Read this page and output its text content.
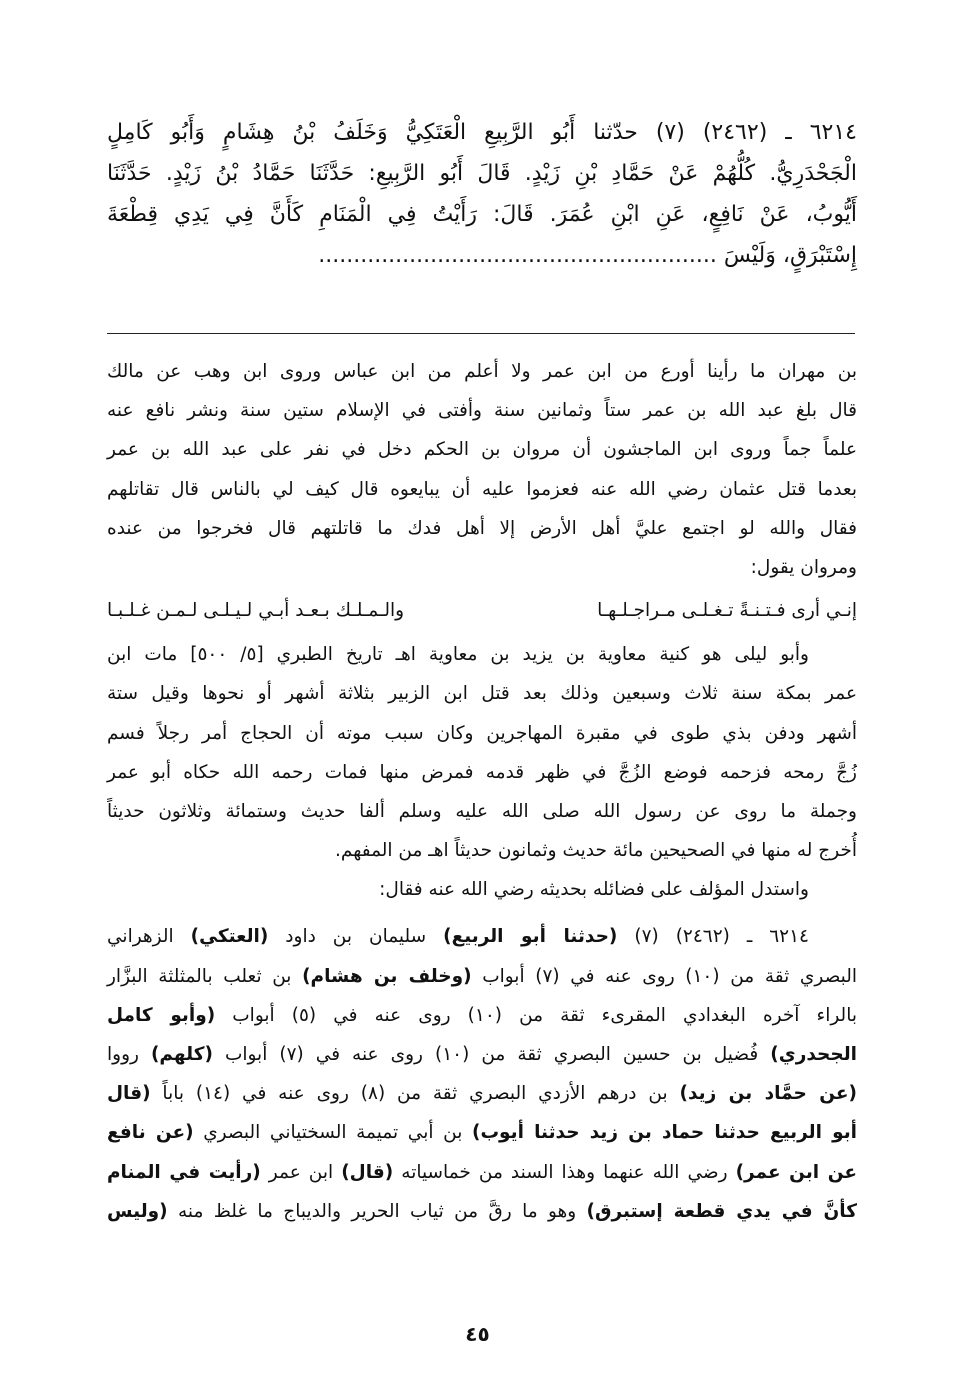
٦٢١٤ ـ (٢٤٦٢) (٧) حدّثنا أَبُو الرَّبِيعِ الْعَتَكِيُّ وَخَلَفُ بْنُ هِشَامٍ وَأَبُو كَامِلٍ
الْجَحْدَرِيُّ. كُلُّهُمْ عَنْ حَمَّادِ بْنِ زَيْدٍ. قَالَ أَبُو الرَّبِيعِ: حَدَّثَنَا حَمَّادُ بْنُ زَيْدٍ. حَدَّثَنَا
أَيُّوبُ، عَنْ نَافِعٍ، عَنِ ابْنِ عُمَرَ. قَالَ: رَأَيْتُ فِي الْمَنَامِ كَأَنَّ فِي يَدِي قِطْعَةَ
إِسْتَبْرَقٍ، وَلَيْسَ .........................................................
بن مهران ما رأينا أورع من ابن عمر ولا أعلم من ابن عباس وروى ابن وهب عن مالك
قال بلغ عبد الله بن عمر ستاً وثمانين سنة وأفتى في الإسلام ستين سنة ونشر نافع عنه
علماً جماً وروى ابن الماجشون أن مروان بن الحكم دخل في نفر على عبد الله بن عمر
بعدما قتل عثمان رضي الله عنه فعزموا عليه أن يبايعوه قال كيف لي بالناس قال تقاتلهم
فقال والله لو اجتمع عليَّ أهل الأرض إلا أهل فدك ما قاتلتهم قال فخرجوا من عنده
ومروان يقول:
إنـي أرى فـتـنـةً تـغـلـى مـراجـلـهـا
والـمـلـك بـعـد أبـي لـيـلـى لـمـن غـلـبـا
وأبو ليلى هو كنية معاوية بن يزيد بن معاوية اهـ تاريخ الطبري [٥/ ٥٠٠] مات ابن
عمر بمكة سنة ثلاث وسبعين وذلك بعد قتل ابن الزبير بثلاثة أشهر أو نحوها وقيل ستة
أشهر ودفن بذي طوى في مقبرة المهاجرين وكان سبب موته أن الحجاج أمر رجلاً فسم
زُجَّ رمحه فزحمه فوضع الزُجَّ في ظهر قدمه فمرض منها فمات رحمه الله حكاه أبو عمر
وجملة ما روى عن رسول الله صلى الله عليه وسلم ألفا حديث وستمائة وثلاثون حديثاً
أُخرج له منها في الصحيحين مائة حديث وثمانون حديثاً اهـ من المفهم.
واستدل المؤلف على فضائله بحديثه رضي الله عنه فقال:
٦٢١٤ ـ (٢٤٦٢) (٧) (حدثنا أبو الربيع) سليمان بن داود (العتكي) الزهراني
البصري ثقة من (١٠) روى عنه في (٧) أبواب (وخلف بن هشام) بن ثعلب بالمثلثة البزَّار
بالراء آخره البغدادي المقرىء ثقة من (١٠) روى عنه في (٥) أبواب (وأبو كامل
الجحدري) فُضيل بن حسين البصري ثقة من (١٠) روى عنه في (٧) أبواب (كلهم) رووا
(عن حمَّاد بن زيد) بن درهم الأزدي البصري ثقة من (٨) روى عنه في (١٤) باباً (قال
أبو الربيع حدثنا حماد بن زيد حدثنا أيوب) بن أبي تميمة السختياني البصري (عن نافع
عن ابن عمر) رضي الله عنهما وهذا السند من خماسياته (قال) ابن عمر (رأيت في المنام
كأنَّ في يدي قطعة إستبرق) وهو ما رقَّ من ثياب الحرير والديباج ما غلظ منه (وليس
٤٥
